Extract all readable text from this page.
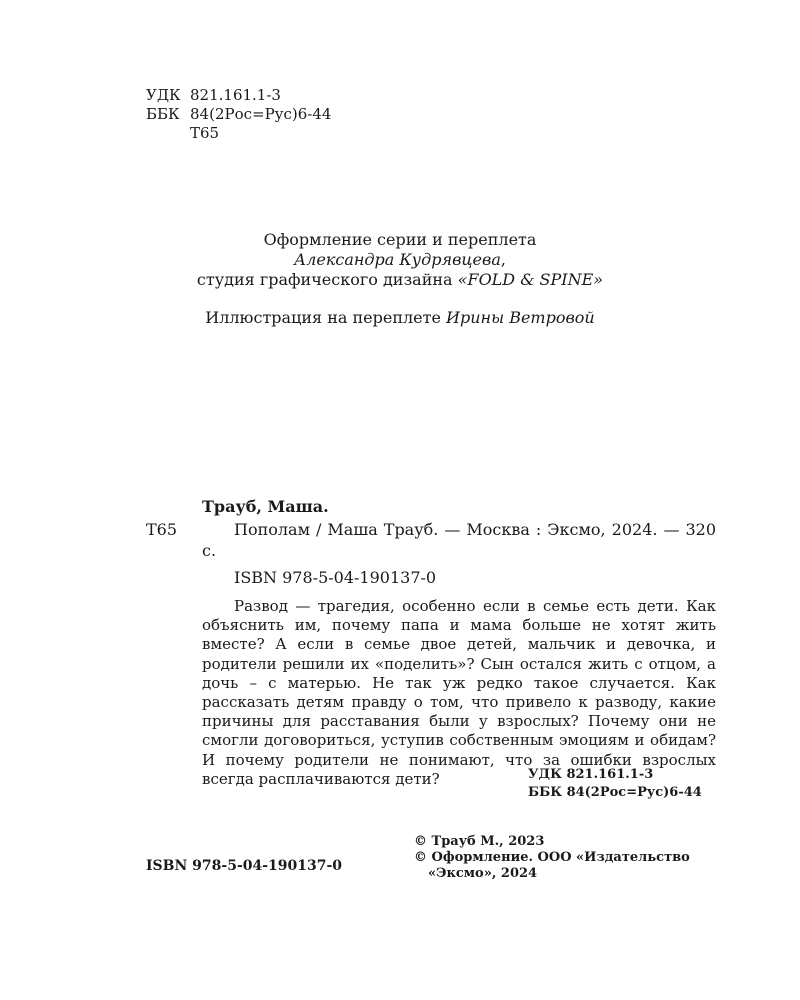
УДК 821.161.1-3
ББК 84(2Рос=Рус)6-44
Т65
Оформление серии и переплета
Александра Кудрявцева,
студия графического дизайна «FOLD & SPINE»
Иллюстрация на переплете Ирины Ветровой
Трауб, Маша.
Т65	Пополам / Маша Трауб. — Москва : Эксмо, 2024. — 320 с.
ISBN 978-5-04-190137-0
Развод — трагедия, особенно если в семье есть дети. Как объяснить им, почему папа и мама больше не хотят жить вместе? А если в семье двое детей, мальчик и девочка, и родители решили их «поделить»? Сын остался жить с отцом, а дочь – с матерью. Не так уж редко такое случается. Как рассказать детям правду о том, что привело к разводу, какие причины для расставания были у взрослых? Почему они не смогли договориться, уступив собственным эмоциям и обидам? И почему родители не понимают, что за ошибки взрослых всегда расплачиваются дети?	УДК 821.161.1-3
ББК 84(2Рос=Рус)6-44
ISBN 978-5-04-190137-0
© Трауб М., 2023
© Оформление. ООО «Издательство
«Эксмо», 2024
